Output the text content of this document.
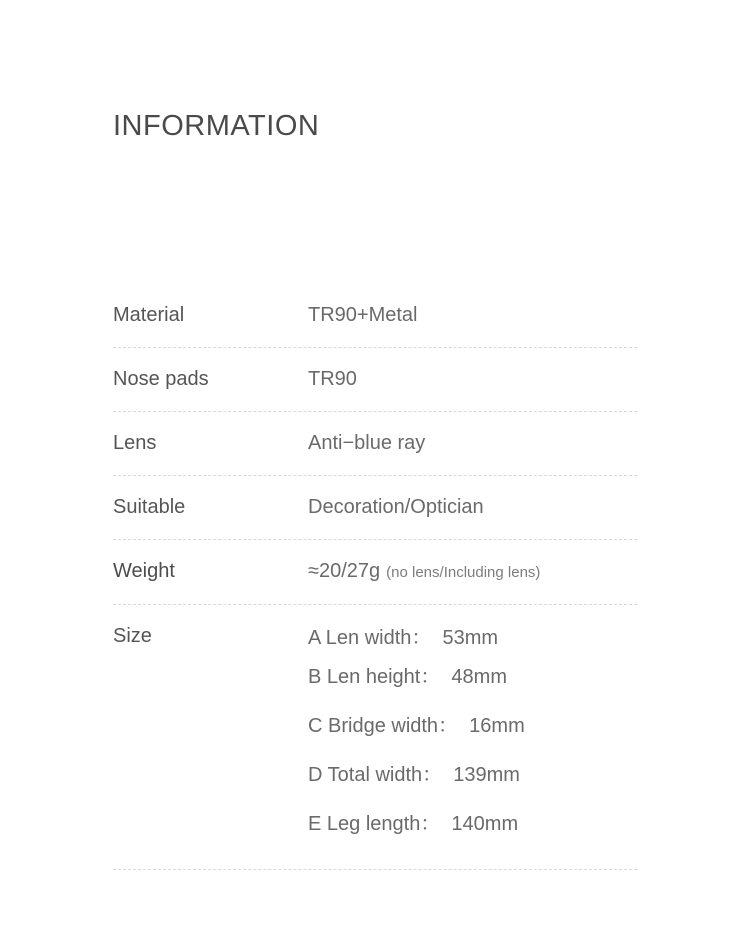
INFORMATION
Material	TR90+Metal
Nose pads	TR90
Lens	Anti−blue ray
Suitable	Decoration/Optician
Weight	≈20/27g (no lens/Including lens)
Size	A Len width：  53mm
B Len height：  48mm
C Bridge width：  16mm
D Total width：  139mm
E Leg length：  140mm
